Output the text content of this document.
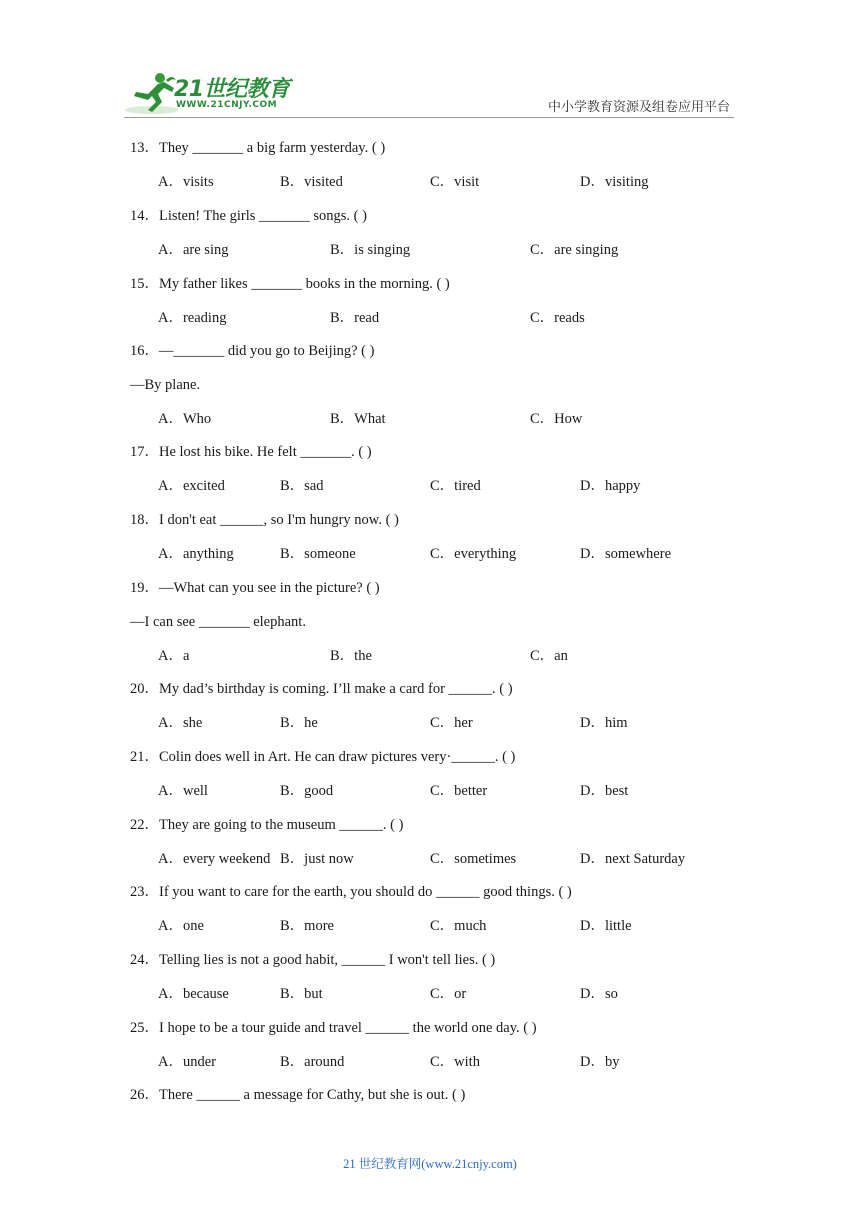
21世纪教育
WWW.21CNJY.COM	中小学教育资源及组卷应用平台
13．They _______ a big farm yesterday. ( )
A．visits	B．visited	C．visit	D．visiting
14．Listen! The girls _______ songs. ( )
A．are sing	B．is singing	C．are singing
15．My father likes _______ books in the morning. ( )
A．reading	B．read	C．reads
16．—_______ did you go to Beijing? ( )
—By plane.
A．Who	B．What	C．How
17．He lost his bike. He felt _______. ( )
A．excited	B．sad	C．tired	D．happy
18．I don't eat ______, so I'm hungry now. ( )
A．anything	B．someone	C．everything	D．somewhere
19．—What can you see in the picture? ( )
—I can see _______ elephant.
A．a	B．the	C．an
20．My dad’s birthday is coming. I’ll make a card for ______. ( )
A．she	B．he	C．her	D．him
21．Colin does well in Art. He can draw pictures very·______. ( )
A．well	B．good	C．better	D．best
22．They are going to the museum ______. ( )
A．every weekend B．just now	C．sometimes	D．next Saturday
23．If you want to care for the earth, you should do ______ good things. ( )
A．one	B．more	C．much	D．little
24．Telling lies is not a good habit, ______ I won't tell lies. ( )
A．because	B．but	C．or	D．so
25．I hope to be a tour guide and travel ______ the world one day. ( )
A．under	B．around	C．with	D．by
26．There ______ a message for Cathy, but she is out. ( )
21 世纪教育网(www.21cnjy.com)
